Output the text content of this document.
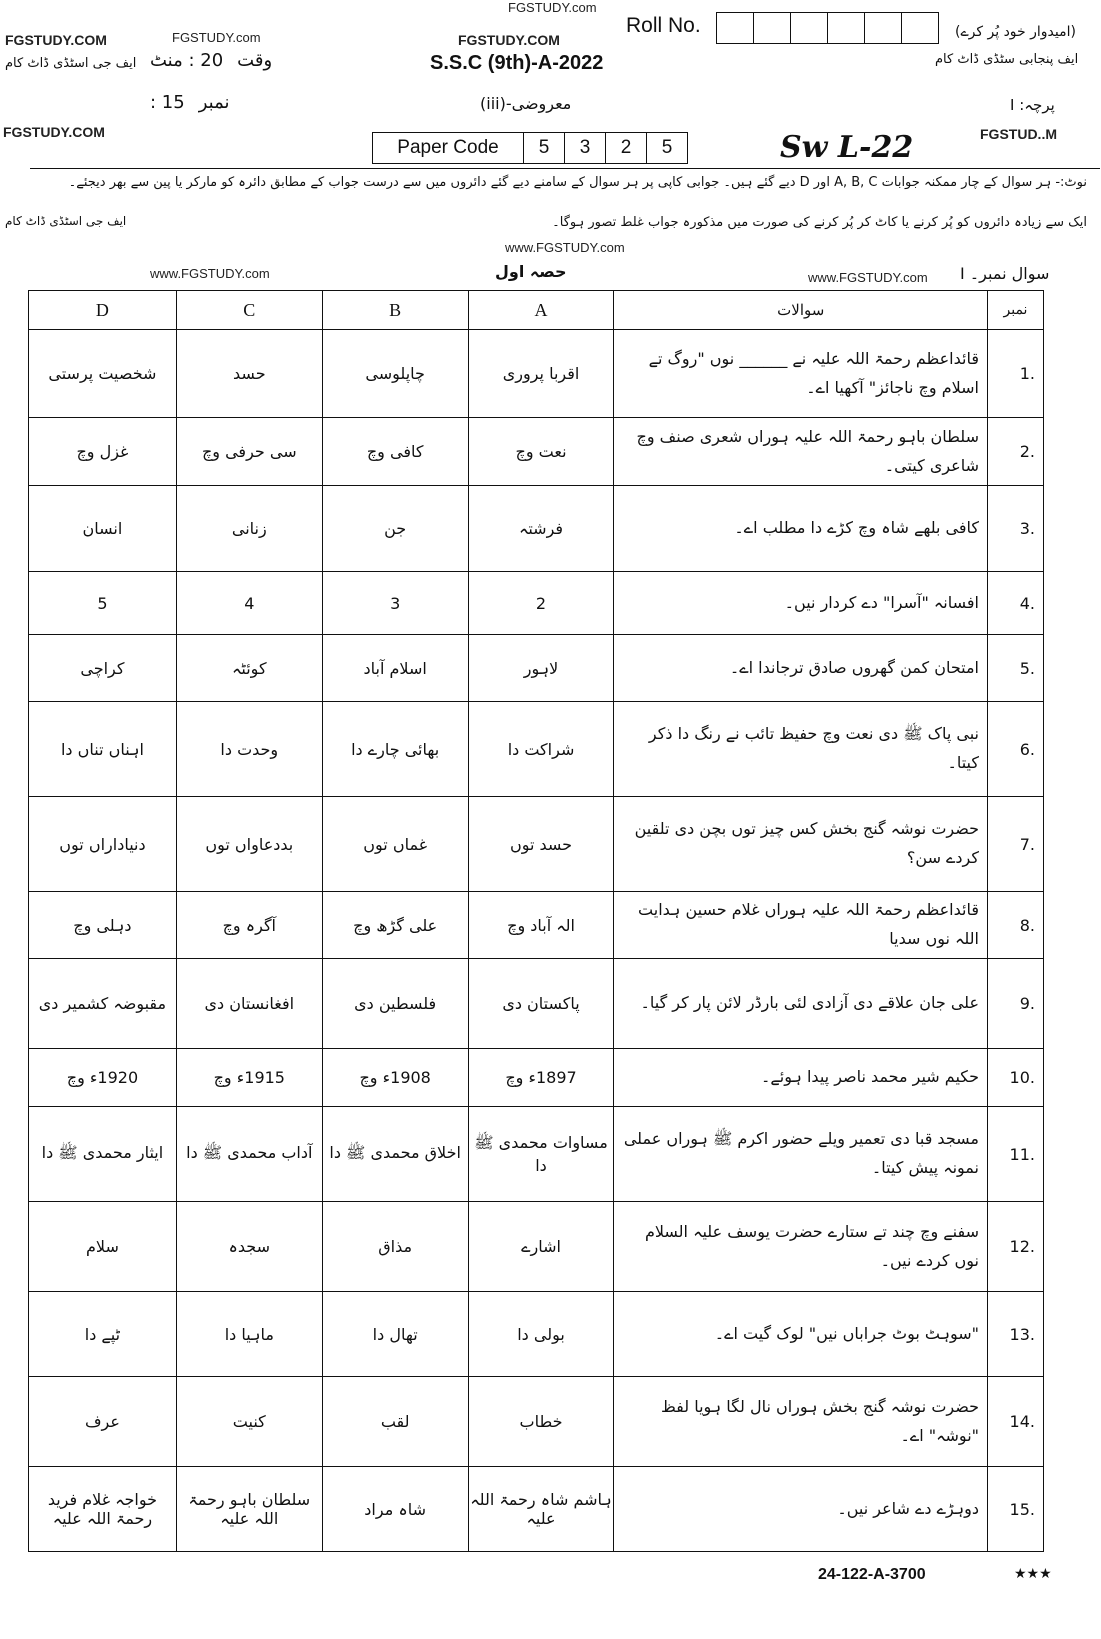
FGSTUDY.com
FGSTUDY.COM	FGSTUDY.com	FGSTUDY.COM
FGSTUDY.COM	FGSTUD..M
Roll No.	(امیدوار خود پُر کرے)
ایف پنجابی سٹڈی ڈاٹ کام
ایف جی اسٹڈی ڈاٹ کام	وقت
20 : منٹ
نمبر
15 :
S.S.C (9th)-A-2022
معروضی-(iii)	پرچہ: I
Paper Code	5	3	2	5	Sw L-22
نوٹ:- ہر سوال کے چار ممکنہ جوابات A, B, C اور D دیے گئے ہیں۔ جوابی کاپی پر ہر سوال کے سامنے دیے گئے دائروں میں سے درست جواب کے مطابق دائرہ کو مارکر یا پین سے بھر دیجئے۔
ایک سے زیادہ دائروں کو پُر کرنے یا کاٹ کر پُر کرنے کی صورت میں مذکورہ جواب غلط تصور ہوگا۔
ایف جی اسٹڈی ڈاٹ کام
www.FGSTUDY.com
www.FGSTUDY.com	حصہ اول	www.FGSTUDY.com سوال نمبر۔ I
D	C	B	A	سوالات	نمبر
شخصیت پرستی	حسد	چاپلوسی	اقربا پروری	قائداعظم رحمۃ اللہ علیہ نے ______ نوں "روگ تے اسلام وچ ناجائز" آکھیا اے۔	.1
غزل وچ	سی حرفی وچ	کافی وچ	نعت وچ	سلطان باہو رحمۃ اللہ علیہ ہوراں شعری صنف وچ شاعری کیتی۔	.2
انسان	زنانی	جن	فرشتہ	کافی بلھے شاہ وچ کڑے دا مطلب اے۔	.3
5	4	3	2	افسانہ "آسرا" دے کردار نیں۔	.4
کراچی	کوئٹہ	اسلام آباد	لاہور	امتحان کمن گھروں صادق ترجاندا اے۔	.5
اہناں تناں دا	وحدت دا	بھائی چارے دا	شراکت دا	نبی پاک ﷺ دی نعت وچ حفیظ تائب نے رنگ دا ذکر کیتا۔	.6
دنیاداراں توں	بددعاواں توں	غماں توں	حسد توں	حضرت نوشہ گنج بخش کس چیز توں بچن دی تلقین کردے سن؟	.7
دہلی وچ	آگرہ وچ	علی گڑھ وچ	الہ آباد وچ	قائداعظم رحمۃ اللہ علیہ ہوراں غلام حسین ہدایت اللہ نوں سدیا	.8
مقبوضہ کشمیر دی	افغانستان دی	فلسطین دی	پاکستان دی	علی جان علاقے دی آزادی لئی بارڈر لائن پار کر گیا۔	.9
1920ء وچ	1915ء وچ	1908ء وچ	1897ء وچ	حکیم شیر محمد ناصر پیدا ہوئے۔	.10
ایثار محمدی ﷺ دا	آداب محمدی ﷺ دا	اخلاق محمدی ﷺ دا	مساوات محمدی ﷺ دا	مسجد قبا دی تعمیر ویلے حضور اکرم ﷺ ہوراں عملی نمونہ پیش کیتا۔	.11
سلام	سجدہ	مذاق	اشارے	سفنے وچ چند تے ستارے حضرت یوسف علیہ السلام نوں کردے نیں۔	.12
ٹپے دا	ماہیا دا	تھال دا	بولی دا	"سوہٹ بوٹ جراباں نیں" لوک گیت اے۔	.13
عرف	کنیت	لقب	خطاب	حضرت نوشہ گنج بخش ہوراں نال لگا ہویا لفظ "نوشہ" اے۔	.14
خواجہ غلام فرید رحمۃ اللہ علیہ	سلطان باہو رحمۃ اللہ علیہ	شاہ مراد	ہاشم شاہ رحمۃ اللہ علیہ	دوہڑے دے شاعر نیں۔	.15
24-122-A-3700	★★★
